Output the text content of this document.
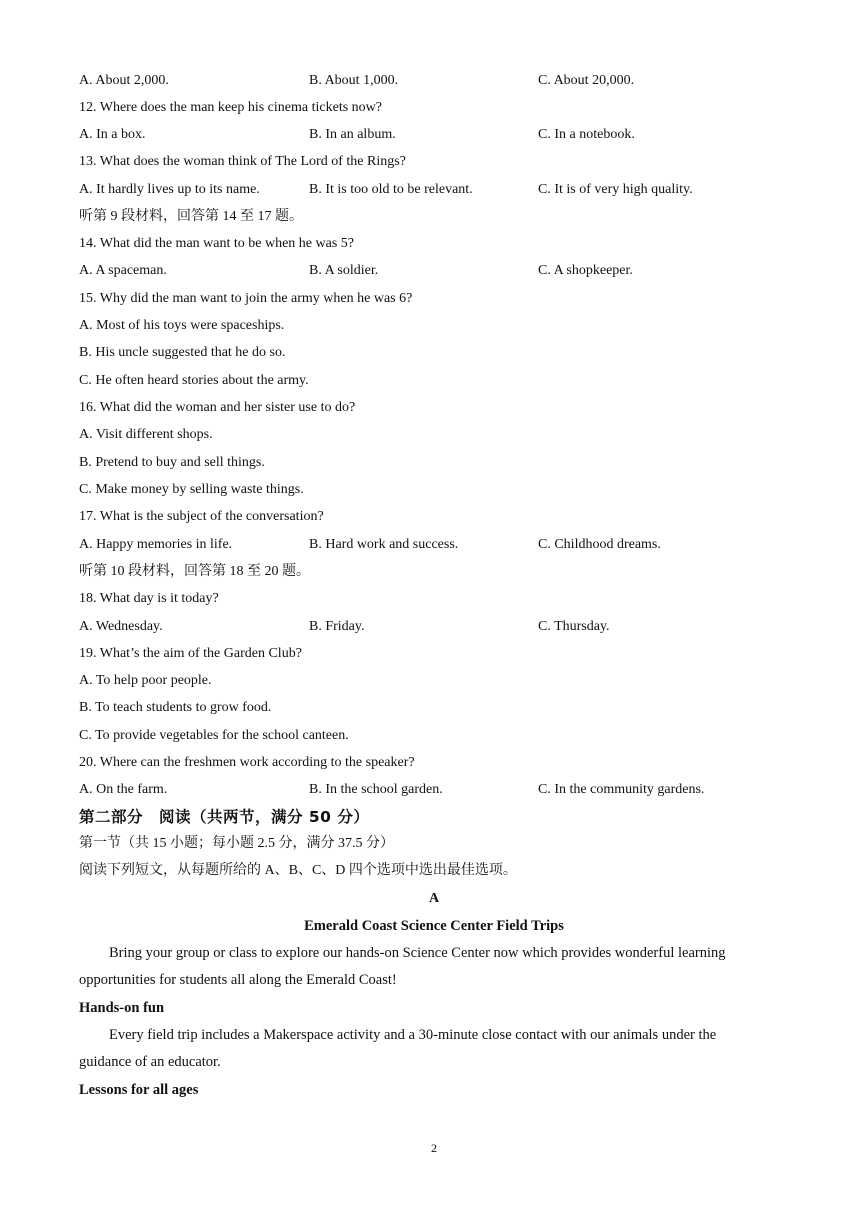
A. About 2,000.	B. About 1,000.	C. About 20,000.
12. Where does the man keep his cinema tickets now?
A. In a box.	B. In an album.	C. In a notebook.
13. What does the woman think of The Lord of the Rings?
A. It hardly lives up to its name.	B. It is too old to be relevant.	C. It is of very high quality.
听第 9 段材料，回答第 14 至 17 题。
14. What did the man want to be when he was 5?
A. A spaceman.	B. A soldier.	C. A shopkeeper.
15. Why did the man want to join the army when he was 6?
A. Most of his toys were spaceships.
B. His uncle suggested that he do so.
C. He often heard stories about the army.
16. What did the woman and her sister use to do?
A. Visit different shops.
B. Pretend to buy and sell things.
C. Make money by selling waste things.
17. What is the subject of the conversation?
A. Happy memories in life.	B. Hard work and success.	C. Childhood dreams.
听第 10 段材料，回答第 18 至 20 题。
18. What day is it today?
A. Wednesday.	B. Friday.	C. Thursday.
19. What’s the aim of the Garden Club?
A. To help poor people.
B. To teach students to grow food.
C. To provide vegetables for the school canteen.
20. Where can the freshmen work according to the speaker?
A. On the farm.	B. In the school garden.	C. In the community gardens.
第二部分　阅读（共两节，满分 50 分）
第一节（共 15 小题；每小题 2.5 分，满分 37.5 分）
阅读下列短文，从每题所给的 A、B、C、D 四个选项中选出最佳选项。
A
Emerald Coast Science Center Field Trips
Bring your group or class to explore our hands-on Science Center now which provides wonderful learning opportunities for students all along the Emerald Coast!
Hands-on fun
Every field trip includes a Makerspace activity and a 30-minute close contact with our animals under the guidance of an educator.
Lessons for all ages
2
